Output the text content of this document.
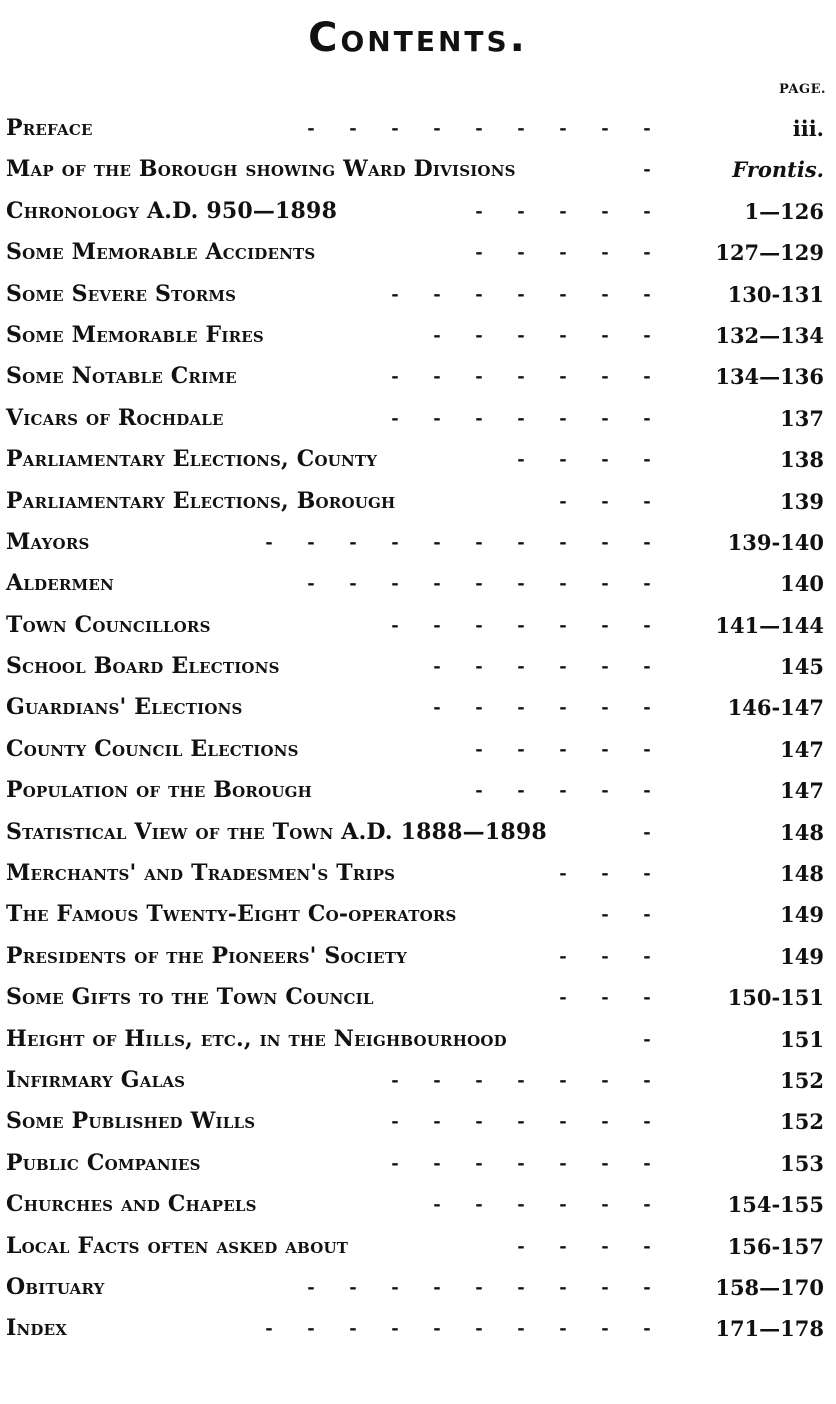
Contents.
PAGE.
Preface	-	-	-	-	-	-	-	-	-	iii.
Map of the Borough showing Ward Divisions	-	Frontis.
Chronology A.D. 950—1898	-	-	-	-	-	1—126
Some Memorable Accidents	-	-	-	-	-	127—129
Some Severe Storms	-	-	-	-	-	-	-	130-131
Some Memorable Fires	-	-	-	-	-	-	132—134
Some Notable Crime	-	-	-	-	-	-	-	134—136
Vicars of Rochdale	-	-	-	-	-	-	-	137
Parliamentary Elections, County	-	-	-	-	138
Parliamentary Elections, Borough	-	-	-	139
Mayors	-	-	-	-	-	-	-	-	-	-	139-140
Aldermen	-	-	-	-	-	-	-	-	-	140
Town Councillors	-	-	-	-	-	-	-	141—144
School Board Elections	-	-	-	-	-	-	145
Guardians' Elections	-	-	-	-	-	-	146-147
County Council Elections	-	-	-	-	-	147
Population of the Borough	-	-	-	-	-	147
Statistical View of the Town A.D. 1888—1898	-	148
Merchants' and Tradesmen's Trips	-	-	-	148
The Famous Twenty-Eight Co-operators	-	-	149
Presidents of the Pioneers' Society	-	-	-	149
Some Gifts to the Town Council	-	-	-	150-151
Height of Hills, etc., in the Neighbourhood	-	151
Infirmary Galas	-	-	-	-	-	-	-	152
Some Published Wills	-	-	-	-	-	-	-	152
Public Companies	-	-	-	-	-	-	-	153
Churches and Chapels	-	-	-	-	-	-	154-155
Local Facts often asked about	-	-	-	-	156-157
Obituary	-	-	-	-	-	-	-	-	-	158—170
Index	-	-	-	-	-	-	-	-	-	-	171—178
